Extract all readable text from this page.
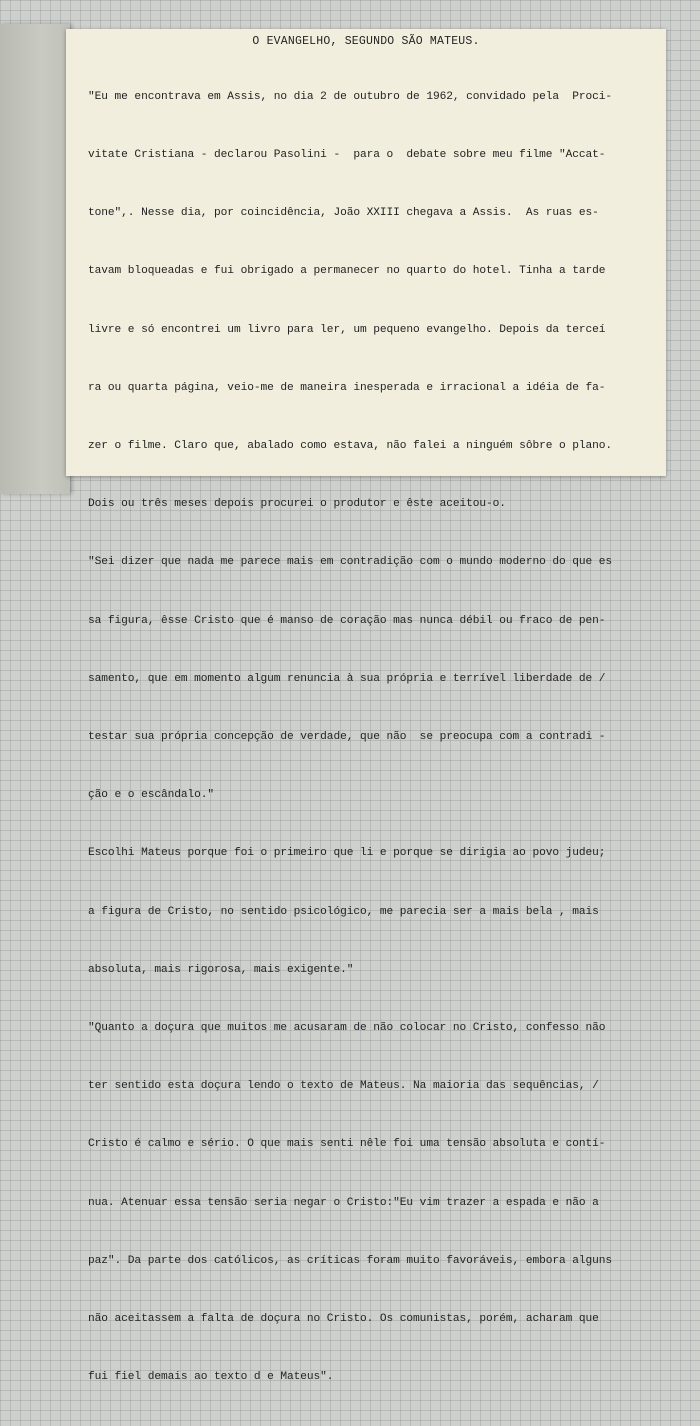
O EVANGELHO, SEGUNDO SÃO MATEUS.

"Eu me encontrava em Assis, no dia 2 de outubro de 1962, convidado pela  Proci-

vitate Cristiana - declarou Pasolini -  para o  debate sobre meu filme "Accat-

tone",. Nesse dia, por coincidência, João XXIII chegava a Assis.  As ruas es-

tavam bloqueadas e fui obrigado a permanecer no quarto do hotel. Tinha a tarde

livre e só encontrei um livro para ler, um pequeno evangelho. Depois da terceí

ra ou quarta página, veio-me de maneira inesperada e irracional a idéia de fa-

zer o filme. Claro que, abalado como estava, não falei a ninguém sôbre o plano.

Dois ou três meses depois procurei o produtor e êste aceitou-o.

"Sei dizer que nada me parece mais em contradição com o mundo moderno do que es

sa figura, êsse Cristo que é manso de coração mas nunca débil ou fraco de pen-

samento, que em momento algum renuncia à sua própria e terrível liberdade de /

testar sua própria concepção de verdade, que não  se preocupa com a contradi -

ção e o escândalo."

Escolhi Mateus porque foi o primeiro que li e porque se dirigia ao povo judeu;

a figura de Cristo, no sentido psicológico, me parecia ser a mais bela , mais

absoluta, mais rigorosa, mais exigente."

"Quanto a doçura que muitos me acusaram de não colocar no Cristo, confesso não

ter sentido esta doçura lendo o texto de Mateus. Na maioria das sequências, /

Cristo é calmo e sério. O que mais senti nêle foi uma tensão absoluta e contí-

nua. Atenuar essa tensão seria negar o Cristo:"Eu vim trazer a espada e não a

paz". Da parte dos católicos, as críticas foram muito favoráveis, embora alguns

não aceitassem a falta de doçura no Cristo. Os comunistas, porém, acharam que

fui fiel demais ao texto d e Mateus".
